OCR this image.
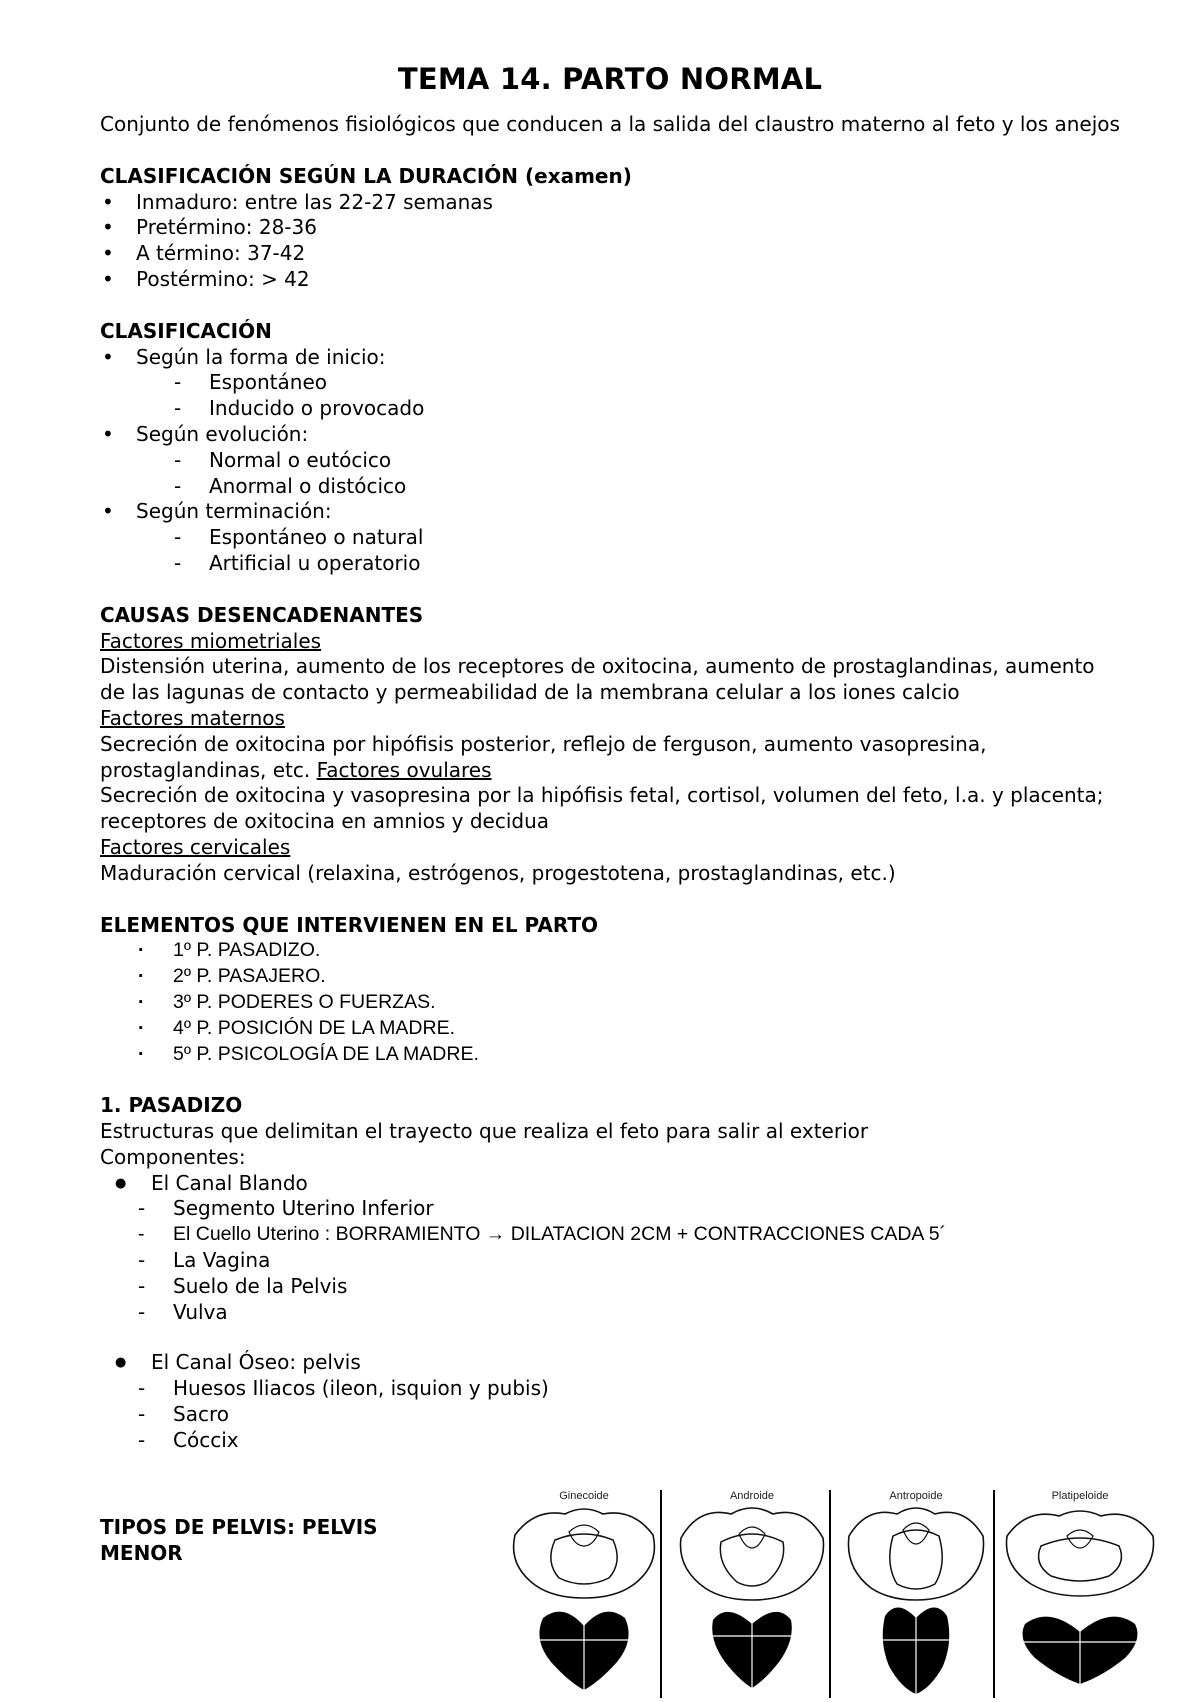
TEMA 14. PARTO NORMAL

Conjunto de fenómenos fisiológicos que conducen a la salida del claustro materno al feto y los anejos

CLASIFICACIÓN SEGÚN LA DURACIÓN (examen)

• Inmaduro: entre las 22-27 semanas
• Pretérmino: 28-36
• A término: 37-42
• Postérmino: > 42

CLASIFICACIÓN

• Según la forma de inicio:
- Espontáneo
- Inducido o provocado
• Según evolución:
- Normal o eutócico
- Anormal o distócico
• Según terminación:
- Espontáneo o natural
- Artificial u operatorio

CAUSAS DESENCADENANTES

Factores miometriales

Distensión uterina, aumento de los receptores de oxitocina, aumento de prostaglandinas, aumento de las lagunas de contacto y permeabilidad de la membrana celular a los iones calcio

Factores maternos

Secreción de oxitocina por hipófisis posterior, reflejo de ferguson, aumento vasopresina, prostaglandinas, etc. Factores ovulares

Secreción de oxitocina y vasopresina por la hipófisis fetal, cortisol, volumen del feto, l.a. y placenta; receptores de oxitocina en amnios y decidua

Factores cervicales

Maduración cervical (relaxina, estrógenos, progestotena, prostaglandinas, etc.)

ELEMENTOS QUE INTERVIENEN EN EL PARTO

· 1º P. PASADIZO.
· 2º P. PASAJERO.
· 3º P. PODERES O FUERZAS.
· 4º P. POSICIÓN DE LA MADRE.
· 5º P. PSICOLOGÍA DE LA MADRE.

1. PASADIZO

Estructuras que delimitan el trayecto que realiza el feto para salir al exterior

Componentes:

● El Canal Blando
- Segmento Uterino Inferior
- El Cuello Uterino : BORRAMIENTO → DILATACION 2CM + CONTRACCIONES CADA 5´
- La Vagina
- Suelo de la Pelvis
- Vulva
● El Canal Óseo: pelvis
- Huesos Iliacos (ileon, isquion y pubis)
- Sacro
- Cóccix

TIPOS DE PELVIS: PELVIS MENOR

Ginecoide	Androide	Antropoide	Platipeloide
